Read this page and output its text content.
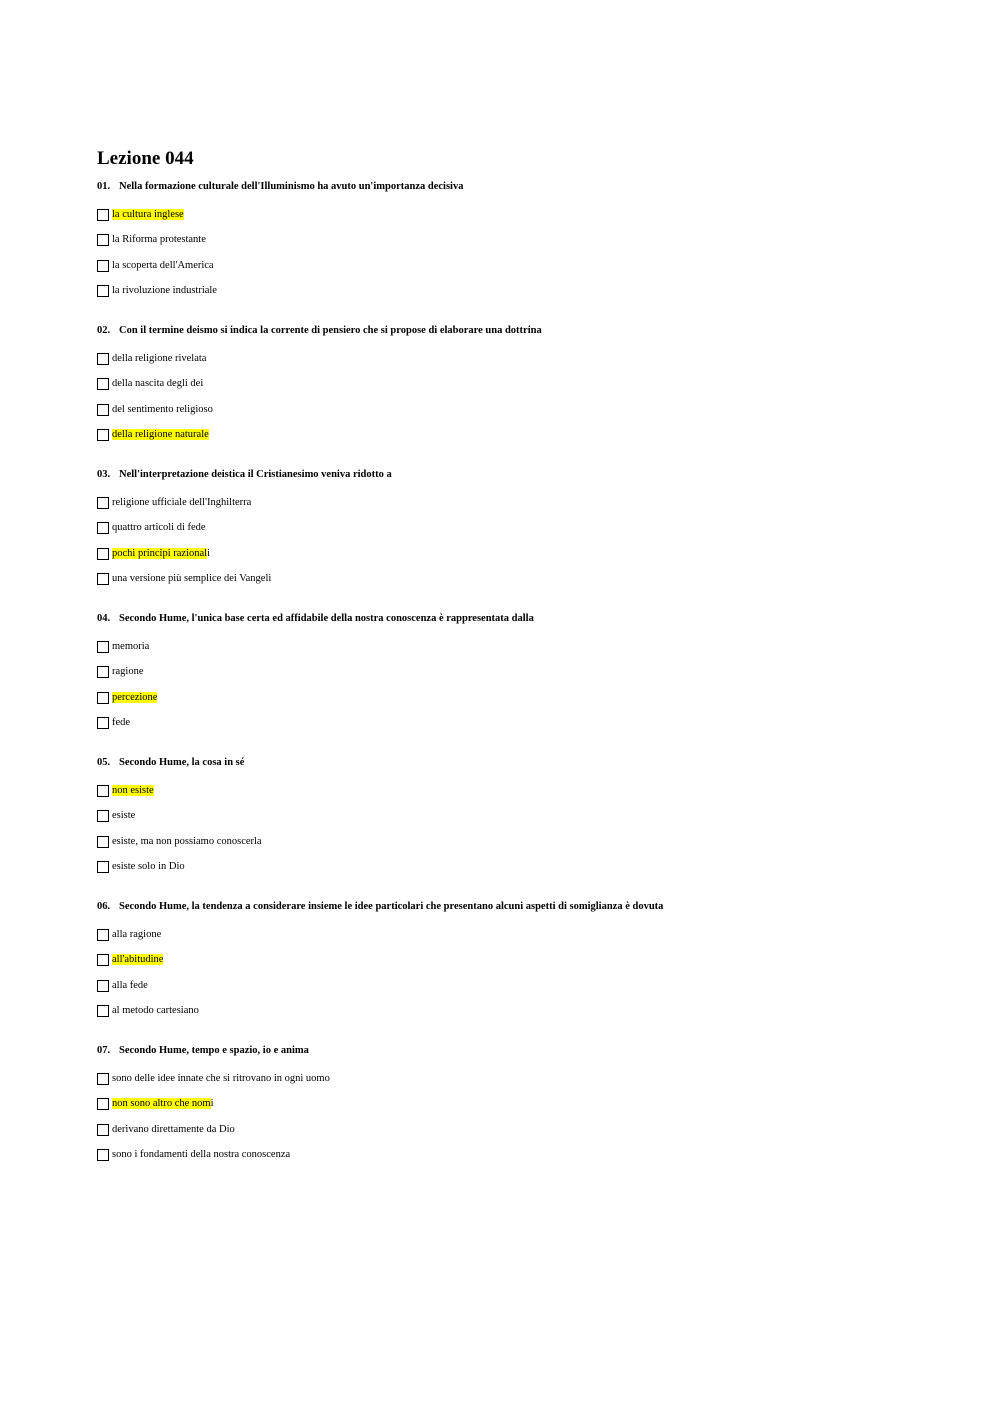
Lezione 044
01. Nella formazione culturale dell'Illuminismo ha avuto un'importanza decisiva
la cultura inglese
la Riforma protestante
la scoperta dell'America
la rivoluzione industriale
02. Con il termine deismo si indica la corrente di pensiero che si propose di elaborare una dottrina
della religione rivelata
della nascita degli dei
del sentimento religioso
della religione naturale
03. Nell'interpretazione deistica il Cristianesimo veniva ridotto a
religione ufficiale dell'Inghilterra
quattro articoli di fede
pochi principi razionali
una versione più semplice dei Vangeli
04. Secondo Hume, l'unica base certa ed affidabile della nostra conoscenza è rappresentata dalla
memoria
ragione
percezione
fede
05. Secondo Hume, la cosa in sé
non esiste
esiste
esiste, ma non possiamo conoscerla
esiste solo in Dio
06. Secondo Hume, la tendenza a considerare insieme le idee particolari che presentano alcuni aspetti di somiglianza è dovuta
alla ragione
all'abitudine
alla fede
al metodo cartesiano
07. Secondo Hume, tempo e spazio, io e anima
sono delle idee innate che si ritrovano in ogni uomo
non sono altro che nomi
derivano direttamente da Dio
sono i fondamenti della nostra conoscenza
